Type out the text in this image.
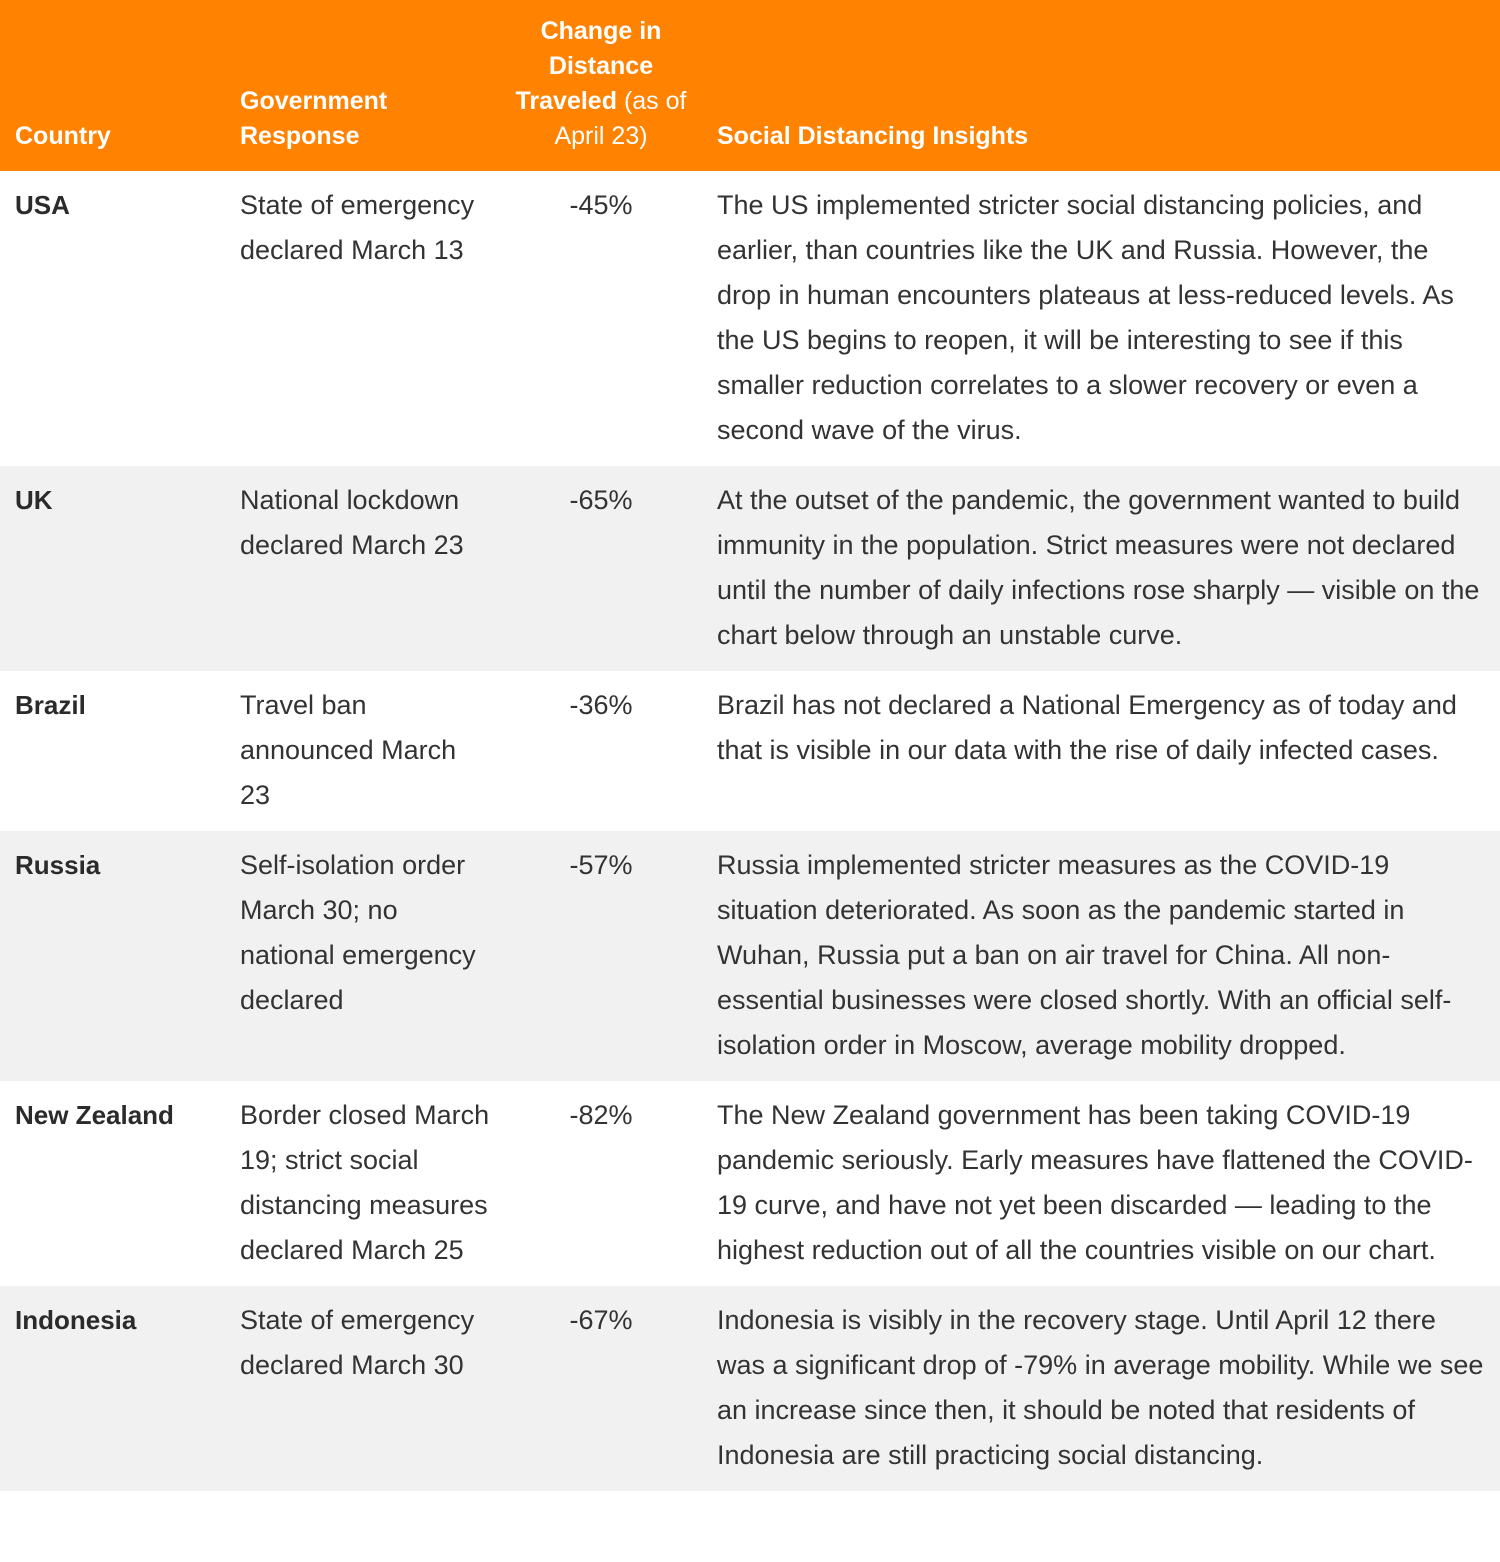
Country	Government Response	Change in Distance Traveled (as of April 23)	Social Distancing Insights
USA	State of emergency declared March 13	-45%	The US implemented stricter social distancing policies, and earlier, than countries like the UK and Russia. However, the drop in human encounters plateaus at less-reduced levels. As the US begins to reopen, it will be interesting to see if this smaller reduction correlates to a slower recovery or even a second wave of the virus.
UK	National lockdown declared March 23	-65%	At the outset of the pandemic, the government wanted to build immunity in the population. Strict measures were not declared until the number of daily infections rose sharply — visible on the chart below through an unstable curve.
Brazil	Travel ban announced March 23	-36%	Brazil has not declared a National Emergency as of today and that is visible in our data with the rise of daily infected cases.
Russia	Self-isolation order March 30; no national emergency declared	-57%	Russia implemented stricter measures as the COVID-19 situation deteriorated. As soon as the pandemic started in Wuhan, Russia put a ban on air travel for China. All non-essential businesses were closed shortly. With an official self-isolation order in Moscow, average mobility dropped.
New Zealand	Border closed March 19; strict social distancing measures declared March 25	-82%	The New Zealand government has been taking COVID-19 pandemic seriously. Early measures have flattened the COVID-19 curve, and have not yet been discarded — leading to the highest reduction out of all the countries visible on our chart.
Indonesia	State of emergency declared March 30	-67%	Indonesia is visibly in the recovery stage. Until April 12 there was a significant drop of -79% in average mobility. While we see an increase since then, it should be noted that residents of Indonesia are still practicing social distancing.
